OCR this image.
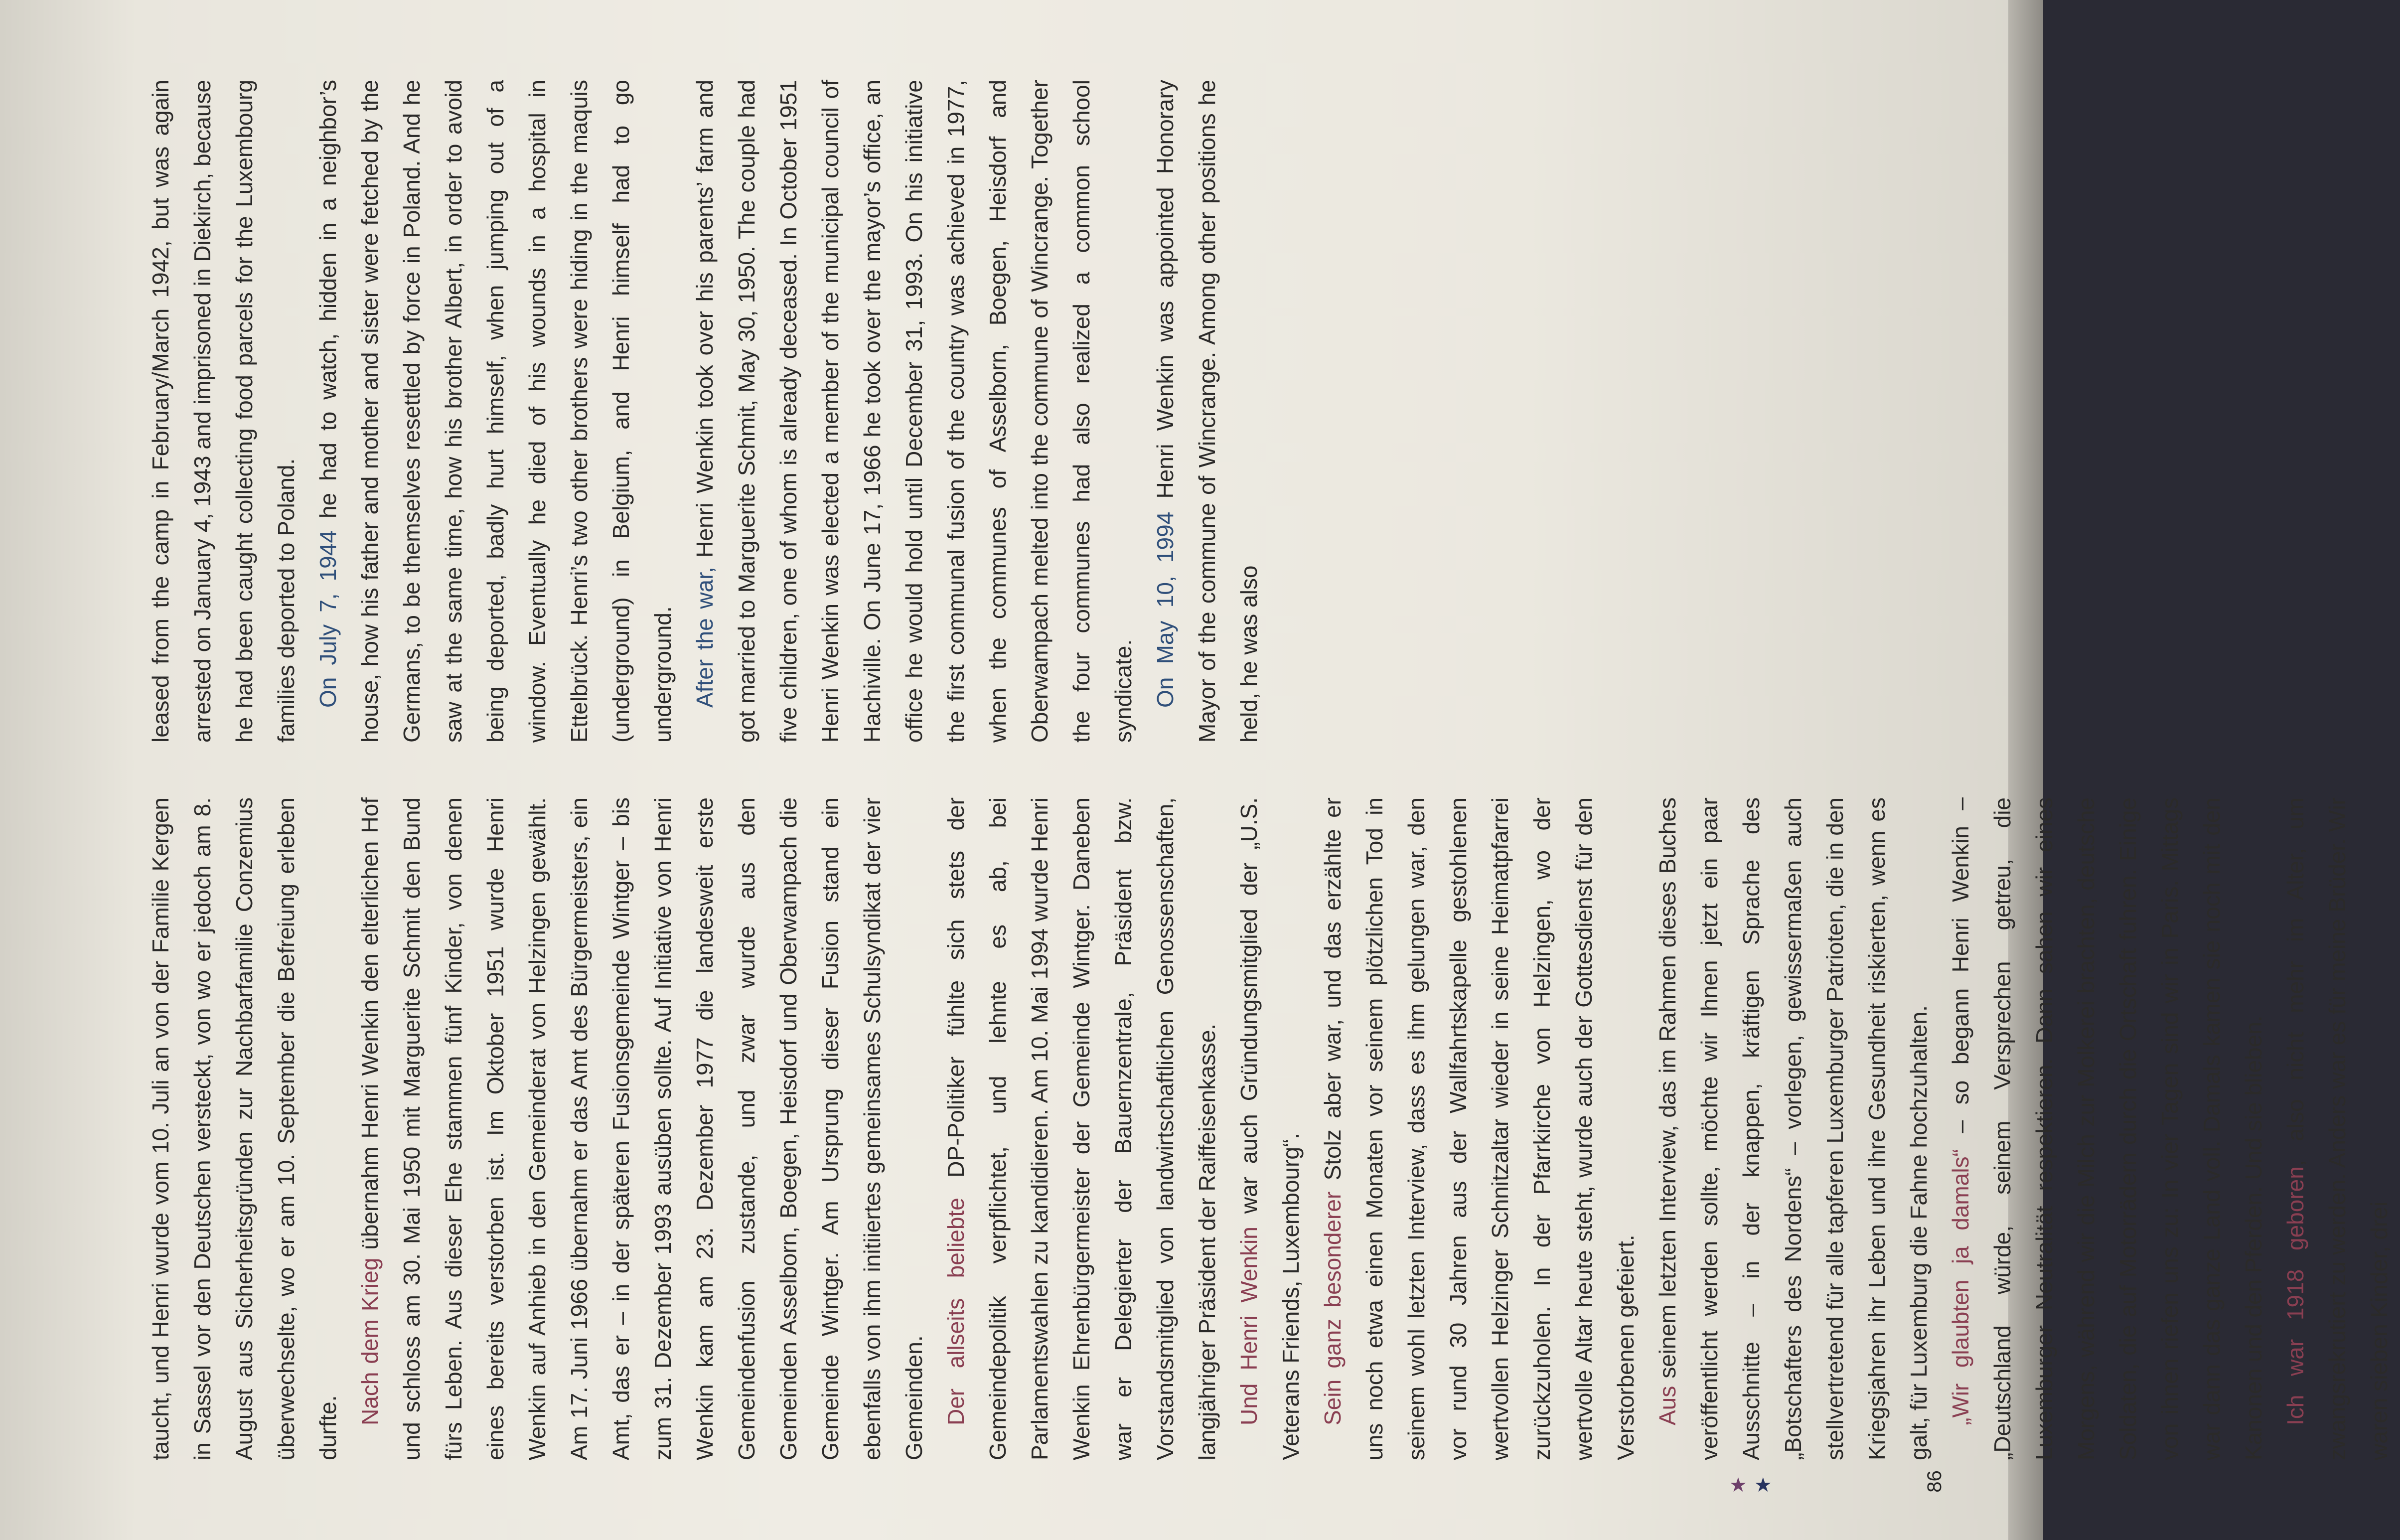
taucht, und Henri wurde vom 10. Juli an von der Familie Kergen in Sassel vor den Deutschen versteckt, von wo er jedoch am 8. August aus Sicherheitsgründen zur Nachbarfamilie Conzemius überwechselte, wo er am 10. September die Befreiung erleben durfte.

Nach dem Krieg übernahm Henri Wenkin den elterlichen Hof und schloss am 30. Mai 1950 mit Marguerite Schmit den Bund fürs Leben. Aus dieser Ehe stammen fünf Kinder, von denen eines bereits verstorben ist. Im Oktober 1951 wurde Henri Wenkin auf Anhieb in den Gemeinderat von Helzingen gewählt. Am 17. Juni 1966 übernahm er das Amt des Bürgermeisters, ein Amt, das er – in der späteren Fusionsgemeinde Wintger – bis zum 31. Dezember 1993 ausüben sollte. Auf Initiative von Henri Wenkin kam am 23. Dezember 1977 die landesweit erste Gemeindenfusion zustande, und zwar wurde aus den Gemeinden Asselborn, Boegen, Heisdorf und Oberwampach die Gemeinde Wintger. Am Ursprung dieser Fusion stand ein ebenfalls von ihm initiiertes gemeinsames Schulsyndikat der vier Gemeinden. Der allseits beliebte DP-Politiker fühlte sich stets der Gemeindepolitik verpflichtet, und lehnte es ab, bei Parlamentswahlen zu kandidieren. Am 10. Mai 1994 wurde Henri Wenkin Ehrenbürgermeister der Gemeinde Wintger. Daneben war er Delegierter der Bauernzentrale, Präsident bzw. Vorstandsmitglied von landwirtschaftlichen Genossenschaften, langjähriger Präsident der Raiffeisenkasse. Und Henri Wenkin war auch Gründungsmitglied der „U.S. Veterans Friends, Luxembourg“. Sein ganz besonderer Stolz aber war, und das erzählte er uns noch etwa einen Monaten vor seinem plötzlichen Tod in seinem wohl letzten Interview, dass es ihm gelungen war, den vor rund 30 Jahren aus der Wallfahrtskapelle gestohlenen wertvollen Helzinger Schnitzaltar wieder in seine Heimatpfarrei zurückzuholen. In der Pfarrkirche von Helzingen, wo der wertvolle Altar heute steht, wurde auch der Gottesdienst für den Verstorbenen gefeiert. Aus seinem letzten Interview, das im Rahmen dieses Buches veröffentlicht werden sollte, möchte wir Ihnen jetzt ein paar Ausschnitte – in der knappen, kräftigen Sprache des „Botschafters des Nordens“ – vorlegen, gewissermaßen auch stellvertretend für alle tapferen Luxemburger Patrioten, die in den Kriegsjahren ihr Leben und ihre Gesundheit riskierten, wenn es galt, für Luxemburg die Fahne hochzuhalten. „Wir glaubten ja damals“ – so begann Henri Wenkin – „Deutschland würde, seinem Versprechen getreu, die Luxemburger Neutralität respektieren. Dann sahen wir eines Morgens, während wir die Milch zur Molkerei brachten, deutsche Soldaten, die auf Motorrädern durch die Ortschaft fuhren. Einige von ihnen riefen uns zu: In vier Tagen sind wir in Paris. Mittags war dann das ganze Land voll. Damals kamen sie noch mit den Kanonen und den Pferden. Und sie blieben. Ich war 1918 geboren, also nicht mehr im Alter, um zwangsrekrutiert zu werden. Anders war es für meine Brüder. Wir waren sieben Kinder, drei

leased from the camp in February/March 1942, but was again arrested on January 4, 1943 and imprisoned in Diekirch, because he had been caught collecting food parcels for the Luxembourg families deported to Poland. On July 7, 1944 he had to watch, hidden in a neighbor’s house, how his father and mother and sister were fetched by the Germans, to be themselves resettled by force in Poland. And he saw at the same time, how his brother Albert, in order to avoid being deported, badly hurt himself, when jumping out of a window. Eventually he died of his wounds in a hospital in Ettelbrück. Henri’s two other brothers were hiding in the maquis (underground) in Belgium, and Henri himself had to go underground. After the war, Henri Wenkin took over his parents’ farm and got married to Marguerite Schmit, May 30, 1950. The couple had five children, one of whom is already deceased. In October 1951 Henri Wenkin was elected a member of the municipal council of Hachiville. On June 17, 1966 he took over the mayor’s office, an office he would hold until December 31, 1993. On his initiative the first communal fusion of the country was achieved in 1977, when the communes of Asselborn, Boegen, Heisdorf and Oberwampach melted into the commune of Wincrange. Together the four communes had also realized a common school syndicate. On May 10, 1994 Henri Wenkin was appointed Honorary Mayor of the commune of Wincrange. Among other positions he held, he was also

★ ★	86
